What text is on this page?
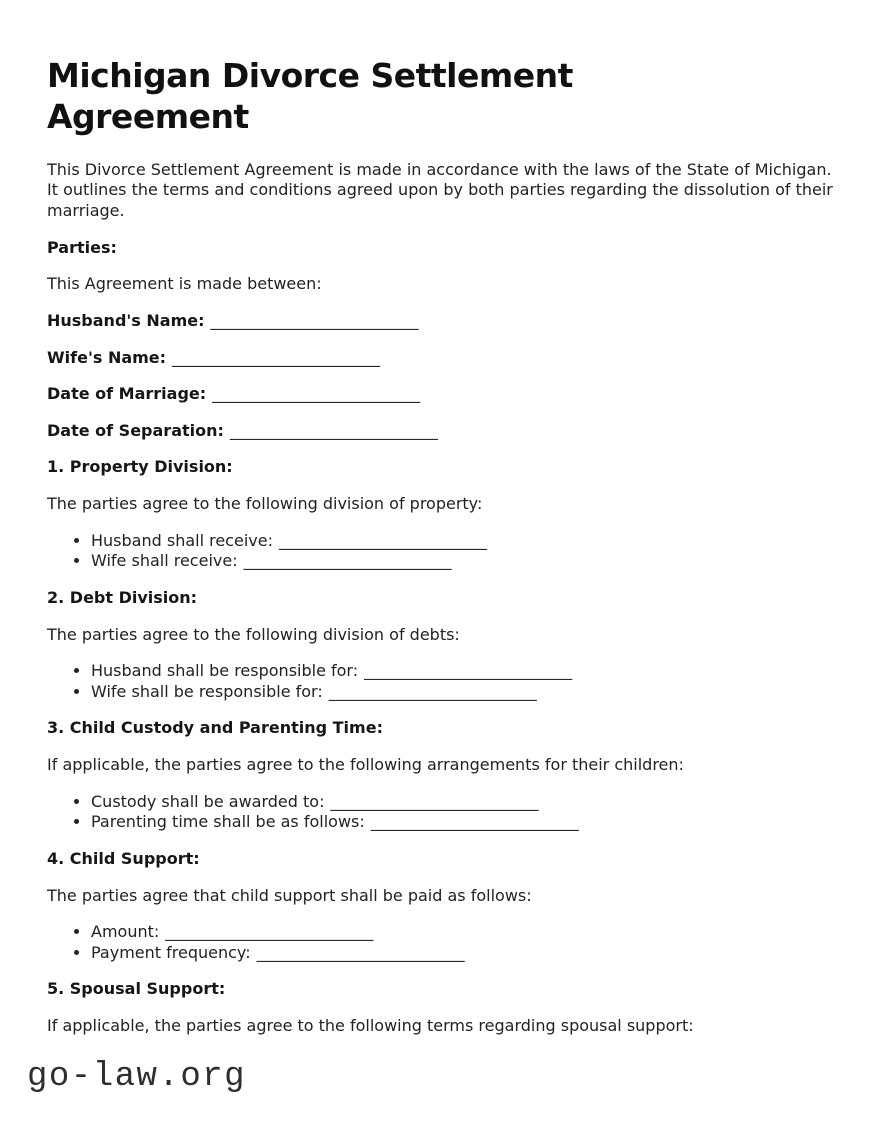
Michigan Divorce Settlement Agreement

This Divorce Settlement Agreement is made in accordance with the laws of the State of Michigan. It outlines the terms and conditions agreed upon by both parties regarding the dissolution of their marriage.

Parties:

This Agreement is made between:

Husband's Name: __________________________

Wife's Name: __________________________

Date of Marriage: __________________________

Date of Separation: __________________________

1. Property Division:

The parties agree to the following division of property:

• Husband shall receive: __________________________
• Wife shall receive: __________________________
2. Debt Division:

The parties agree to the following division of debts:

• Husband shall be responsible for: __________________________
• Wife shall be responsible for: __________________________
3. Child Custody and Parenting Time:

If applicable, the parties agree to the following arrangements for their children:

• Custody shall be awarded to: __________________________
• Parenting time shall be as follows: __________________________
4. Child Support:

The parties agree that child support shall be paid as follows:

• Amount: __________________________
• Payment frequency: __________________________
5. Spousal Support:

If applicable, the parties agree to the following terms regarding spousal support:

go-law.org
